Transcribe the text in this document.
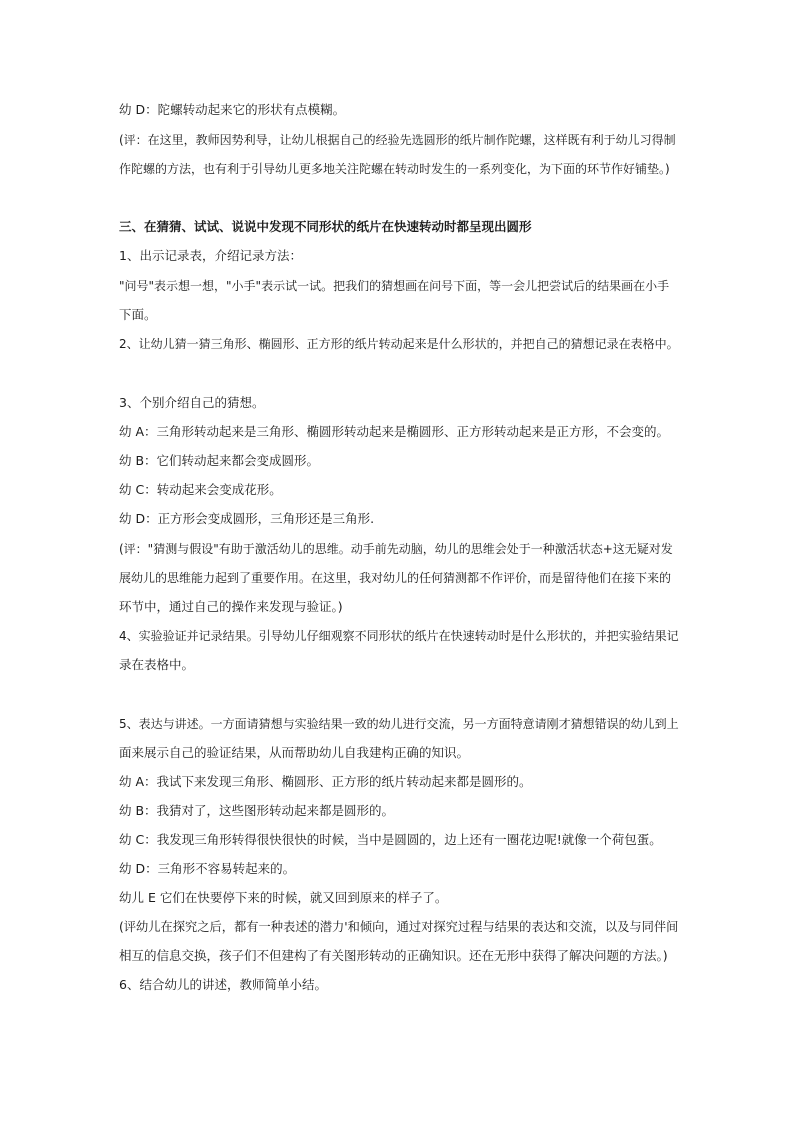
幼 D：陀螺转动起来它的形状有点模糊。
(评：在这里，教师因势利导，让幼儿根据自己的经验先选圆形的纸片制作陀螺，这样既有利于幼儿习得制
作陀螺的方法，也有利于引导幼儿更多地关注陀螺在转动时发生的一系列变化，为下面的环节作好铺垫。)
三、在猜猜、试试、说说中发现不同形状的纸片在快速转动时都呈现出圆形
1、出示记录表，介绍记录方法：
"问号"表示想一想，"小手"表示试一试。把我们的猜想画在问号下面，等一会儿把尝试后的结果画在小手
下面。
2、让幼儿猜一猜三角形、椭圆形、正方形的纸片转动起来是什么形状的，并把自己的猜想记录在表格中。
3、个别介绍自己的猜想。
幼 A：三角形转动起来是三角形、椭圆形转动起来是椭圆形、正方形转动起来是正方形，不会变的。
幼 B：它们转动起来都会变成圆形。
幼 C：转动起来会变成花形。
幼 D：正方形会变成圆形，三角形还是三角形.
(评："猜测与假设"有助于激活幼儿的思维。动手前先动脑，幼儿的思维会处于一种激活状态+这无疑对发
展幼儿的思维能力起到了重要作用。在这里，我对幼儿的任何猜测都不作评价，而是留待他们在接下来的
环节中，通过自己的操作来发现与验证。)
4、实验验证并记录结果。引导幼儿仔细观察不同形状的纸片在快速转动时是什么形状的，并把实验结果记
录在表格中。
5、表达与讲述。一方面请猜想与实验结果一致的幼儿进行交流，另一方面特意请刚才猜想错误的幼儿到上
面来展示自己的验证结果，从而帮助幼儿自我建构正确的知识。
幼 A：我试下来发现三角形、椭圆形、正方形的纸片转动起来都是圆形的。
幼 B：我猜对了，这些图形转动起来都是圆形的。
幼 C：我发现三角形转得很快很快的时候，当中是圆圆的，边上还有一圈花边呢!就像一个荷包蛋。
幼 D：三角形不容易转起来的。
幼儿 E 它们在快要停下来的时候，就又回到原来的样子了。
(评幼儿在探究之后，都有一种表述的潜力'和倾向，通过对探究过程与结果的表达和交流，以及与同伴间
相互的信息交换，孩子们不但建构了有关图形转动的正确知识。还在无形中获得了解决问题的方法。)
6、结合幼儿的讲述，教师简单小结。
